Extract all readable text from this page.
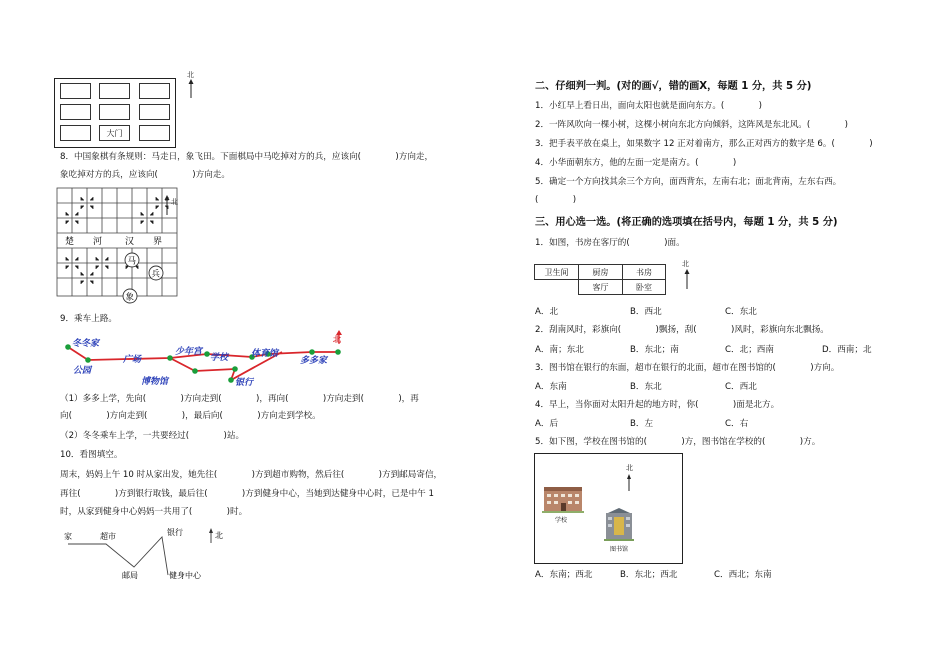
大门
北
8．中国象棋有条规则：马走日，象飞田。下面棋局中马吃掉对方的兵，应该向(　　　　)方向走，
象吃掉对方的兵，应该向(　　　　)方向走。
楚 河	汉 界
马
兵
象
北
9．乘车上路。
冬冬家
公园
广场
少年宫
博物馆
学校	体育馆
银行
多多家
北
（1）多多上学，先向(　　　　)方向走到(　　　　)，再向(　　　　)方向走到(　　　　)，再
向(　　　　)方向走到(　　　　)，最后向(　　　　)方向走到学校。
（2）冬冬乘车上学，一共要经过(　　　　)站。
10．看图填空。
周末，妈妈上午 10 时从家出发，她先往(　　　　)方到超市购物，然后往(　　　　)方到邮局寄信，
再往(　　　　)方到银行取钱，最后往(　　　　)方到健身中心，当她到达健身中心时，已是中午 1
时，从家到健身中心妈妈一共用了(　　　　)时。
家	超市
邮局
银行
健身中心
北
二、仔细判一判。(对的画√，错的画Ⅹ，每题 1 分，共 5 分)
1．小红早上看日出，面向太阳也就是面向东方。(　　　　)
2．一阵风吹向一棵小树，这棵小树向东北方向倾斜，这阵风是东北风。(　　　　)
3．把手表平放在桌上，如果数字 12 正对着南方，那么正对西方的数字是 6。(　　　　)
4．小华面朝东方，他的左面一定是南方。(　　　　)
5．确定一个方向找其余三个方向，面西背东，左南右北；面北背南，左东右西。
(　　　　)
三、用心选一选。(将正确的选项填在括号内，每题 1 分，共 5 分)
1．如图，书房在客厅的(　　　　)面。
卫生间	厨房	书房
	客厅	卧室
北
A．北	B．西北	C．东北
2．刮南风时，彩旗向(　　　　)飘扬，刮(　　　　)风时，彩旗向东北飘扬。
A．南；东北	B．东北；南	C．北；西南	D．西南；北
3．图书馆在银行的东面，超市在银行的北面，超市在图书馆的(　　　　)方向。
A．东南	B．东北	C．西北
4．早上，当你面对太阳升起的地方时，你(　　　　)面是北方。
A．后	B．左	C．右
5．如下图，学校在图书馆的(　　　　)方，图书馆在学校的(　　　　)方。
北
学校
图书馆
A．东南；西北	B．东北；西北	C．西北；东南
